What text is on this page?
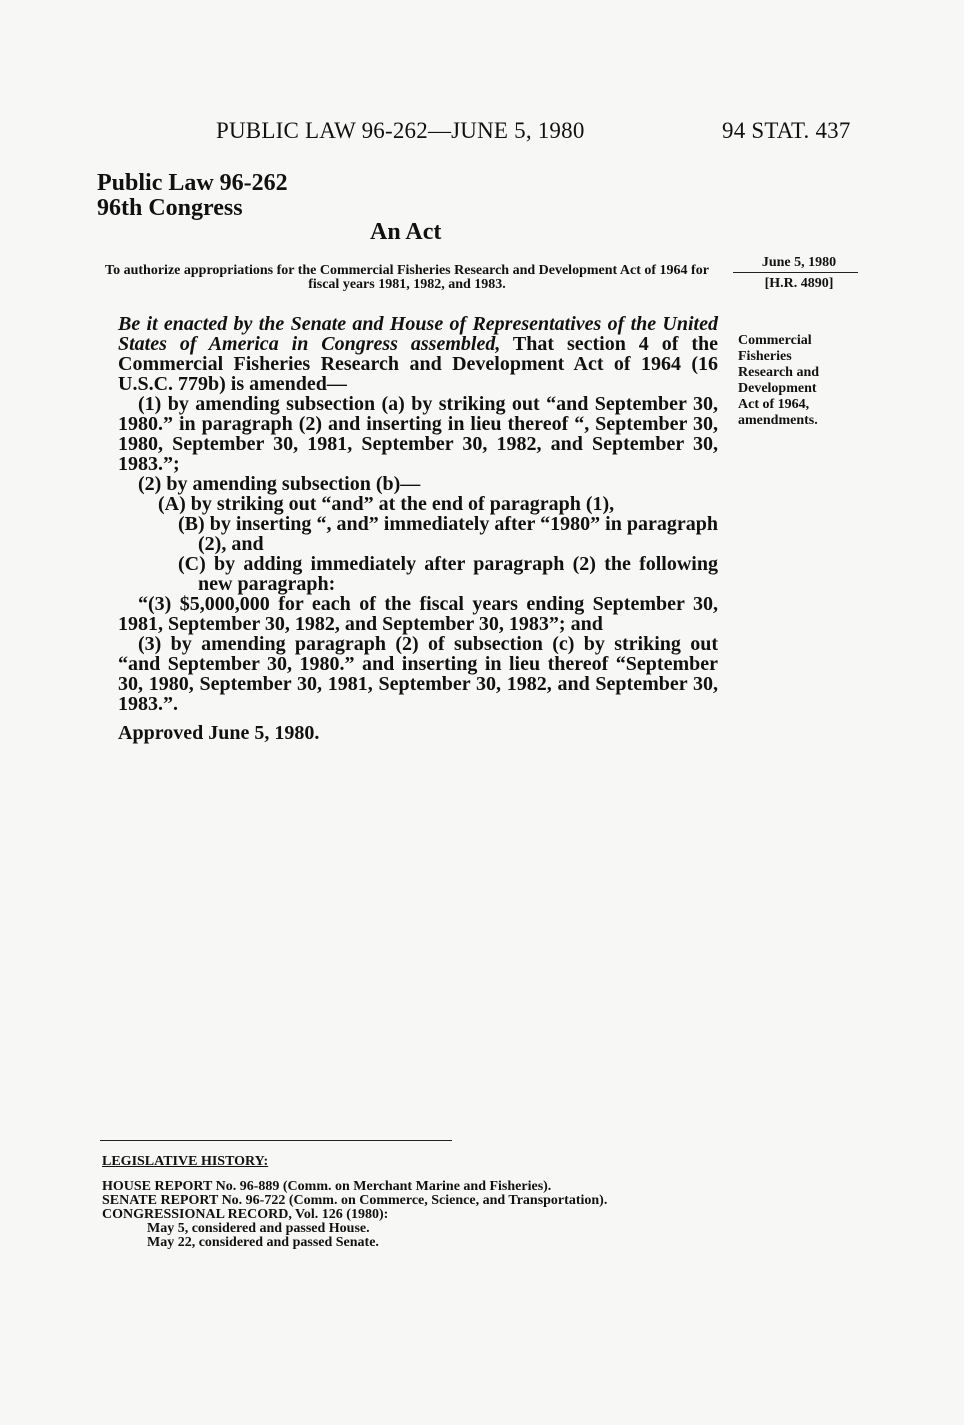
PUBLIC LAW 96-262—JUNE 5, 1980	94 STAT. 437
Public Law 96-262
96th Congress
An Act
To authorize appropriations for the Commercial Fisheries Research and Development Act of 1964 for fiscal years 1981, 1982, and 1983.
June 5, 1980
[H.R. 4890]
Commercial
Fisheries
Research and
Development
Act of 1964,
amendments.

Be it enacted by the Senate and House of Representatives of the United States of America in Congress assembled, That section 4 of the Commercial Fisheries Research and Development Act of 1964 (16 U.S.C. 779b) is amended—

(1) by amending subsection (a) by striking out “and September 30, 1980.” in paragraph (2) and inserting in lieu thereof “, September 30, 1980, September 30, 1981, September 30, 1982, and September 30, 1983.”;

(2) by amending subsection (b)—

(A) by striking out “and” at the end of paragraph (1),

(B) by inserting “, and” immediately after “1980” in paragraph (2), and

(C) by adding immediately after paragraph (2) the following new paragraph:

“(3) $5,000,000 for each of the fiscal years ending September 30, 1981, September 30, 1982, and September 30, 1983”; and

(3) by amending paragraph (2) of subsection (c) by striking out “and September 30, 1980.” and inserting in lieu thereof “September 30, 1980, September 30, 1981, September 30, 1982, and September 30, 1983.”.

Approved June 5, 1980.
LEGISLATIVE HISTORY:
HOUSE REPORT No. 96-889 (Comm. on Merchant Marine and Fisheries).
SENATE REPORT No. 96-722 (Comm. on Commerce, Science, and Transportation).
CONGRESSIONAL RECORD, Vol. 126 (1980):
May 5, considered and passed House.
May 22, considered and passed Senate.
